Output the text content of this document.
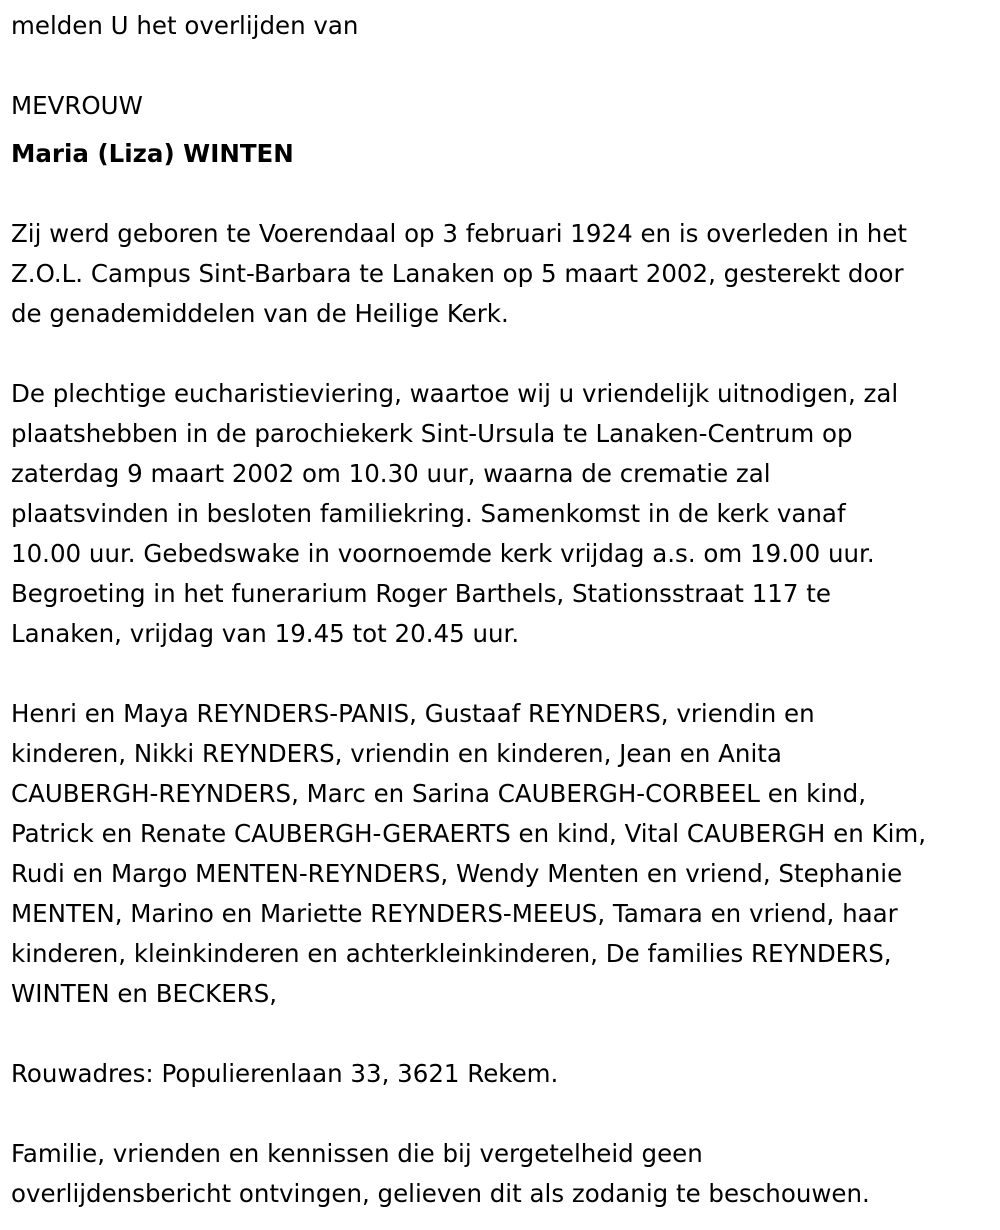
melden U het overlijden van

MEVROUW

Maria (Liza) WINTEN

Zij werd geboren te Voerendaal op 3 februari 1924 en is overleden in het
Z.O.L. Campus Sint-Barbara te Lanaken op 5 maart 2002, gesterekt door
de genademiddelen van de Heilige Kerk.

De plechtige eucharistieviering, waartoe wij u vriendelijk uitnodigen, zal
plaatshebben in de parochiekerk Sint-Ursula te Lanaken-Centrum op
zaterdag 9 maart 2002 om 10.30 uur, waarna de crematie zal
plaatsvinden in besloten familiekring. Samenkomst in de kerk vanaf
10.00 uur. Gebedswake in voornoemde kerk vrijdag a.s. om 19.00 uur.
Begroeting in het funerarium Roger Barthels, Stationsstraat 117 te
Lanaken, vrijdag van 19.45 tot 20.45 uur.

Henri en Maya REYNDERS-PANIS, Gustaaf REYNDERS, vriendin en
kinderen, Nikki REYNDERS, vriendin en kinderen, Jean en Anita
CAUBERGH-REYNDERS, Marc en Sarina CAUBERGH-CORBEEL en kind,
Patrick en Renate CAUBERGH-GERAERTS en kind, Vital CAUBERGH en Kim,
Rudi en Margo MENTEN-REYNDERS, Wendy Menten en vriend, Stephanie
MENTEN, Marino en Mariette REYNDERS-MEEUS, Tamara en vriend, haar
kinderen, kleinkinderen en achterkleinkinderen, De families REYNDERS,
WINTEN en BECKERS,

Rouwadres: Populierenlaan 33, 3621 Rekem.

Familie, vrienden en kennissen die bij vergetelheid geen
overlijdensbericht ontvingen, gelieven dit als zodanig te beschouwen.
